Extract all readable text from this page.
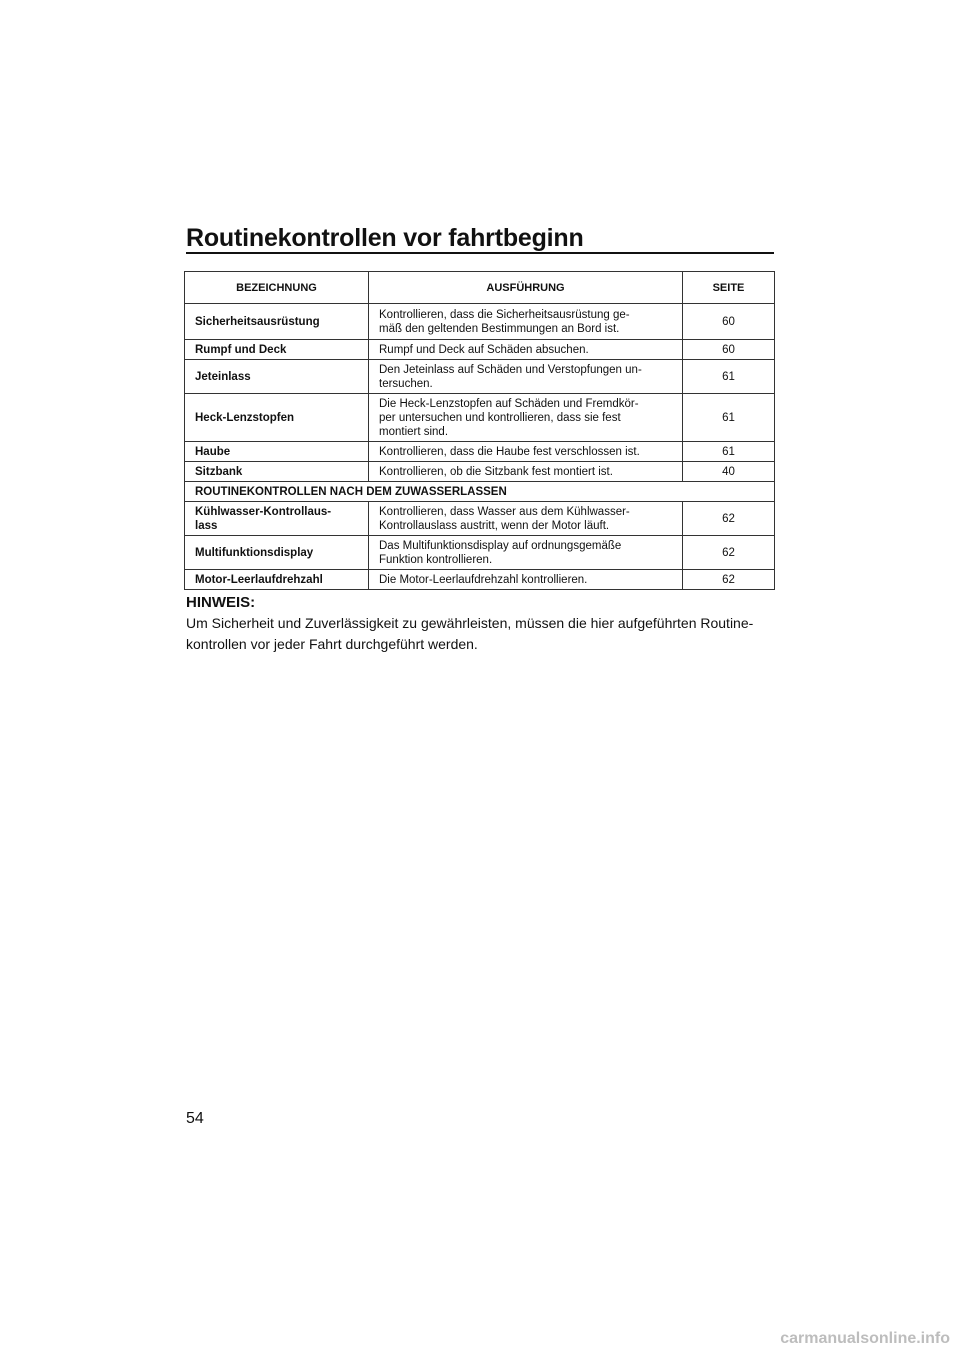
Routinekontrollen vor fahrtbeginn
BEZEICHNUNG	AUSFÜHRUNG	SEITE
Sicherheitsausrüstung	Kontrollieren, dass die Sicherheitsausrüstung ge-
mäß den geltenden Bestimmungen an Bord ist.	60
Rumpf und Deck	Rumpf und Deck auf Schäden absuchen.	60
Jeteinlass	Den Jeteinlass auf Schäden und Verstopfungen un-
tersuchen.	61
Heck-Lenzstopfen	Die Heck-Lenzstopfen auf Schäden und Fremdkör-
per untersuchen und kontrollieren, dass sie fest
montiert sind.	61
Haube	Kontrollieren, dass die Haube fest verschlossen ist.	61
Sitzbank	Kontrollieren, ob die Sitzbank fest montiert ist.	40
ROUTINEKONTROLLEN NACH DEM ZUWASSERLASSEN		
Kühlwasser-Kontrollaus-
lass	Kontrollieren, dass Wasser aus dem Kühlwasser-
Kontrollauslass austritt, wenn der Motor läuft.	62
Multifunktionsdisplay	Das Multifunktionsdisplay auf ordnungsgemäße
Funktion kontrollieren.	62
Motor-Leerlaufdrehzahl	Die Motor-Leerlaufdrehzahl kontrollieren.	62
HINWEIS:

Um Sicherheit und Zuverlässigkeit zu gewährleisten, müssen die hier aufgeführten Routine-
kontrollen vor jeder Fahrt durchgeführt werden.

54
carmanualsonline.info
